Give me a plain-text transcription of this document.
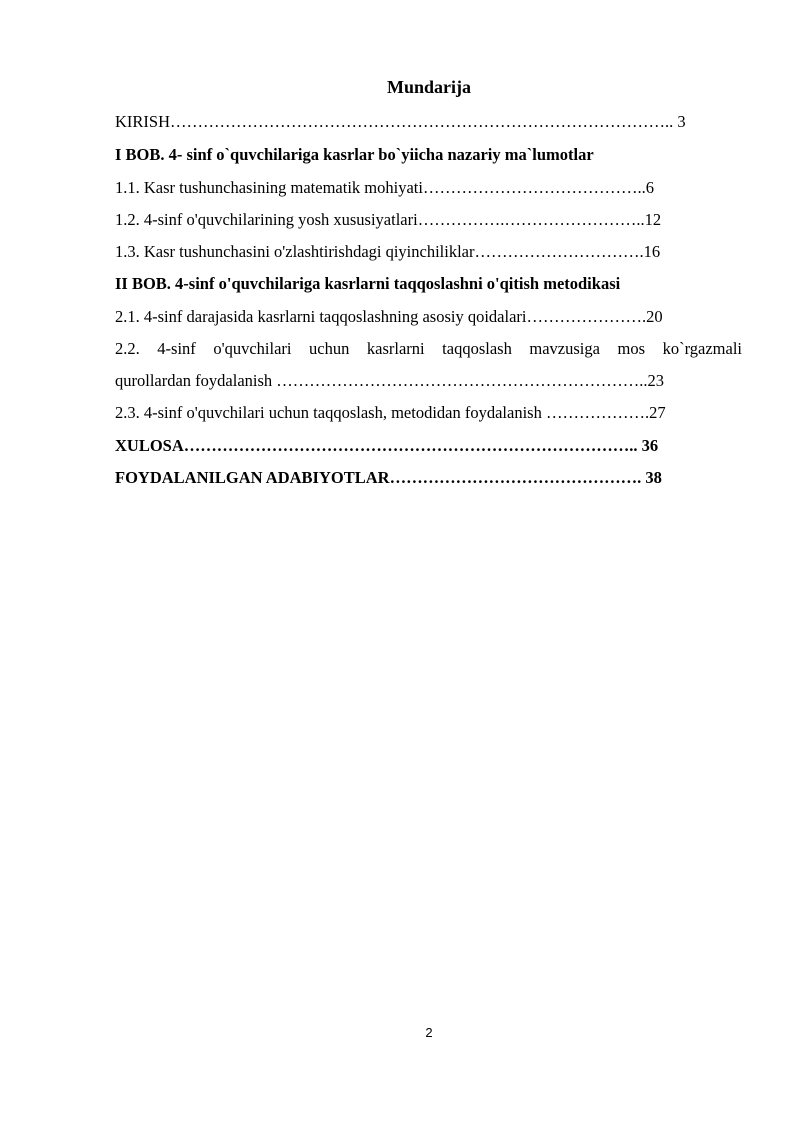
Mundarija
KIRISH……………………………………………………………………………….. 3
I BOB. 4- sinf o`quvchilariga kasrlar bo`yiicha nazariy ma`lumotlar
1.1. Kasr tushunchasining matematik mohiyati…………………………………..6
1.2. 4-sinf o'quvchilarining yosh xususiyatlari…………….……………………..12
1.3. Kasr tushunchasini o'zlashtirishdagi qiyinchiliklar………………………….16
II BOB. 4-sinf o'quvchilariga kasrlarni taqqoslashni o'qitish metodikasi
2.1. 4-sinf darajasida kasrlarni taqqoslashning asosiy qoidalari………………….20
2.2. 4-sinf o'quvchilari uchun kasrlarni taqqoslash mavzusiga mos ko`rgazmali
qurollardan foydalanish …………………………………………………………..23
2.3. 4-sinf o'quvchilari uchun taqqoslash, metodidan foydalanish ……………….27
XULOSA……………………………………………………………………….. 36
FOYDALANILGAN ADABIYOTLAR………………………………………. 38
2
